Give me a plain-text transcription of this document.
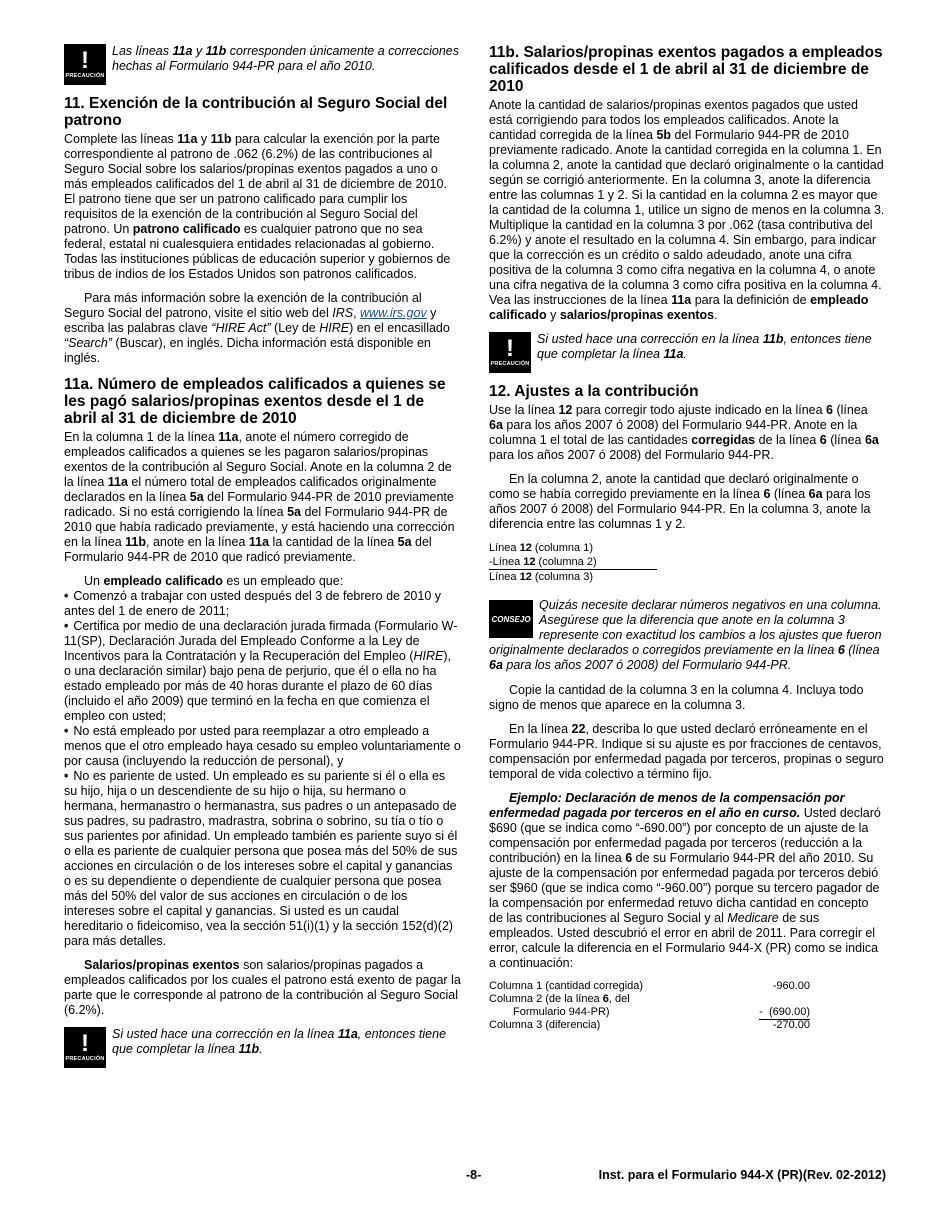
!
PRECAUCIÓN
Las líneas 11a y 11b corresponden únicamente a correcciones hechas al Formulario 944-PR para el año 2010.
11. Exención de la contribución al Seguro Social del patrono

Complete las líneas 11a y 11b para calcular la exención por la parte correspondiente al patrono de .062 (6.2%) de las contribuciones al Seguro Social sobre los salarios/propinas exentos pagados a uno o más empleados calificados del 1 de abril al 31 de diciembre de 2010. El patrono tiene que ser un patrono calificado para cumplir los requisitos de la exención de la contribución al Seguro Social del patrono. Un patrono calificado es cualquier patrono que no sea federal, estatal ni cualesquiera entidades relacionadas al gobierno. Todas las instituciones públicas de educación superior y gobiernos de tribus de indios de los Estados Unidos son patronos calificados.

Para más información sobre la exención de la contribución al Seguro Social del patrono, visite el sitio web del IRS, www.irs.gov y escriba las palabras clave “HIRE Act” (Ley de HIRE) en el encasillado “Search” (Buscar), en inglés. Dicha información está disponible en inglés.

11a. Número de empleados calificados a quienes se les pagó salarios/propinas exentos desde el 1 de abril al 31 de diciembre de 2010

En la columna 1 de la línea 11a, anote el número corregido de empleados calificados a quienes se les pagaron salarios/propinas exentos de la contribución al Seguro Social. Anote en la columna 2 de la línea 11a el número total de empleados calificados originalmente declarados en la línea 5a del Formulario 944-PR de 2010 previamente radicado. Si no está corrigiendo la línea 5a del Formulario 944-PR de 2010 que había radicado previamente, y está haciendo una corrección en la línea 11b, anote en la línea 11a la cantidad de la línea 5a del Formulario 944-PR de 2010 que radicó previamente.

Un empleado calificado es un empleado que:

• Comenzó a trabajar con usted después del 3 de febrero de 2010 y antes del 1 de enero de 2011;

• Certifica por medio de una declaración jurada firmada (Formulario W-11(SP), Declaración Jurada del Empleado Conforme a la Ley de Incentivos para la Contratación y la Recuperación del Empleo (HIRE), o una declaración similar) bajo pena de perjurio, que él o ella no ha estado empleado por más de 40 horas durante el plazo de 60 días (incluido el año 2009) que terminó en la fecha en que comienza el empleo con usted;

• No está empleado por usted para reemplazar a otro empleado a menos que el otro empleado haya cesado su empleo voluntariamente o por causa (incluyendo la reducción de personal), y

• No es pariente de usted. Un empleado es su pariente si él o ella es su hijo, hija o un descendiente de su hijo o hija, su hermano o hermana, hermanastro o hermanastra, sus padres o un antepasado de sus padres, su padrastro, madrastra, sobrina o sobrino, su tía o tío o sus parientes por afinidad. Un empleado también es pariente suyo si él o ella es pariente de cualquier persona que posea más del 50% de sus acciones en circulación o de los intereses sobre el capital y ganancias o es su dependiente o dependiente de cualquier persona que posea más del 50% del valor de sus acciones en circulación o de los intereses sobre el capital y ganancias. Si usted es un caudal hereditario o fideicomiso, vea la sección 51(i)(1) y la sección 152(d)(2) para más detalles.

Salarios/propinas exentos son salarios/propinas pagados a empleados calificados por los cuales el patrono está exento de pagar la parte que le corresponde al patrono de la contribución al Seguro Social (6.2%).

!
PRECAUCIÓN
Si usted hace una corrección en la línea 11a, entonces tiene que completar la línea 11b.
11b. Salarios/propinas exentos pagados a empleados calificados desde el 1 de abril al 31 de diciembre de 2010

Anote la cantidad de salarios/propinas exentos pagados que usted está corrigiendo para todos los empleados calificados. Anote la cantidad corregida de la línea 5b del Formulario 944-PR de 2010 previamente radicado. Anote la cantidad corregida en la columna 1. En la columna 2, anote la cantidad que declaró originalmente o la cantidad según se corrigió anteriormente. En la columna 3, anote la diferencia entre las columnas 1 y 2. Si la cantidad en la columna 2 es mayor que la cantidad de la columna 1, utilice un signo de menos en la columna 3. Multiplique la cantidad en la columna 3 por .062 (tasa contributiva del 6.2%) y anote el resultado en la columna 4. Sin embargo, para indicar que la corrección es un crédito o saldo adeudado, anote una cifra positiva de la columna 3 como cifra negativa en la columna 4, o anote una cifra negativa de la columna 3 como cifra positiva en la columna 4. Vea las instrucciones de la línea 11a para la definición de empleado calificado y salarios/propinas exentos.

!
PRECAUCIÓN
Si usted hace una corrección en la línea 11b, entonces tiene que completar la línea 11a.
12. Ajustes a la contribución

Use la línea 12 para corregir todo ajuste indicado en la línea 6 (línea 6a para los años 2007 ó 2008) del Formulario 944-PR. Anote en la columna 1 el total de las cantidades corregidas de la línea 6 (línea 6a para los años 2007 ó 2008) del Formulario 944-PR.

En la columna 2, anote la cantidad que declaró originalmente o como se había corregido previamente en la línea 6 (línea 6a para los años 2007 ó 2008) del Formulario 944-PR. En la columna 3, anote la diferencia entre las columnas 1 y 2.

Línea 12 (columna 1)
-Línea 12 (columna 2)
Línea 12 (columna 3)
CONSEJO
Quizás necesite declarar números negativos en una columna. Asegúrese que la diferencia que anote en la columna 3 represente con exactitud los cambios a los ajustes que fueron originalmente declarados o corregidos previamente en la línea 6 (línea 6a para los años 2007 ó 2008) del Formulario 944-PR.

Copie la cantidad de la columna 3 en la columna 4. Incluya todo signo de menos que aparece en la columna 3.

En la línea 22, describa lo que usted declaró erróneamente en el Formulario 944-PR. Indique si su ajuste es por fracciones de centavos, compensación por enfermedad pagada por terceros, propinas o seguro temporal de vida colectivo a término fijo.

Ejemplo: Declaración de menos de la compensación por enfermedad pagada por terceros en el año en curso. Usted declaró $690 (que se indica como “-690.00”) por concepto de un ajuste de la compensación por enfermedad pagada por terceros (reducción a la contribución) en la línea 6 de su Formulario 944-PR del año 2010. Su ajuste de la compensación por enfermedad pagada por terceros debió ser $960 (que se indica como “-960.00”) porque su tercero pagador de la compensación por enfermedad retuvo dicha cantidad en concepto de las contribuciones al Seguro Social y al Medicare de sus empleados. Usted descubrió el error en abril de 2011. Para corregir el error, calcule la diferencia en el Formulario 944-X (PR) como se indica a continuación:

Columna 1 (cantidad corregida)	-960.00
Columna 2 (de la línea 6, del
Formulario 944-PR)	- (690.00)
Columna 3 (diferencia)	-270.00
-8-	Inst. para el Formulario 944-X (PR)(Rev. 02-2012)
